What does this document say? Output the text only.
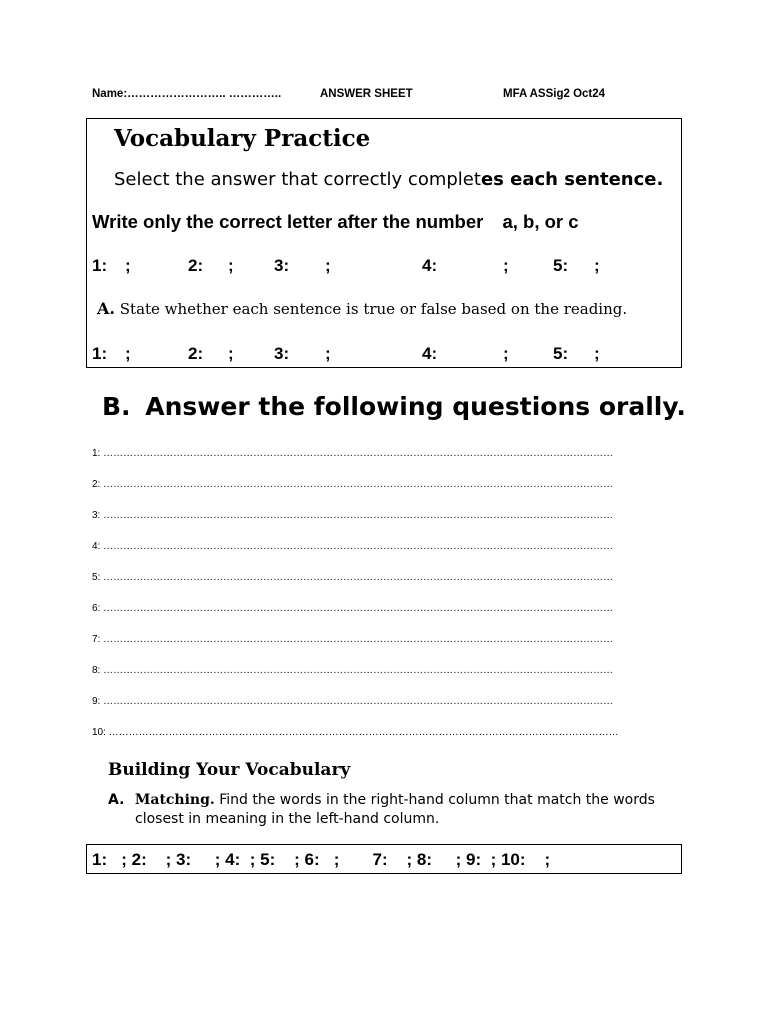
Name:…………………….. …………..	ANSWER SHEET	MFA ASSig2 Oct24
Vocabulary Practice
Select the answer that correctly completes each sentence.
Write only the correct letter after the number a, b, or c
1: ;	2: ; 3: ;	4:	;	5: ;
A. State whether each sentence is true or false based on the reading.
1: ;	2: ; 3: ;	4:	;	5: ;
B. Answer the following questions orally.
1: ………………………………………………………………………………………………………………………………………
2: ………………………………………………………………………………………………………………………………………
3: ………………………………………………………………………………………………………………………………………
4: ………………………………………………………………………………………………………………………………………
5: ………………………………………………………………………………………………………………………………………
6: ………………………………………………………………………………………………………………………………………
7: ………………………………………………………………………………………………………………………………………
8: ………………………………………………………………………………………………………………………………………
9: ………………………………………………………………………………………………………………………………………
10: ………………………………………………………………………………………………………………………………………
Building Your Vocabulary
A. Matching. Find the words in the right-hand column that match the words
closest in meaning in the left-hand column.
1:   ; 2:    ; 3:     ; 4:  ; 5:    ; 6:   ;       7:    ; 8:     ; 9:  ; 10:    ;
